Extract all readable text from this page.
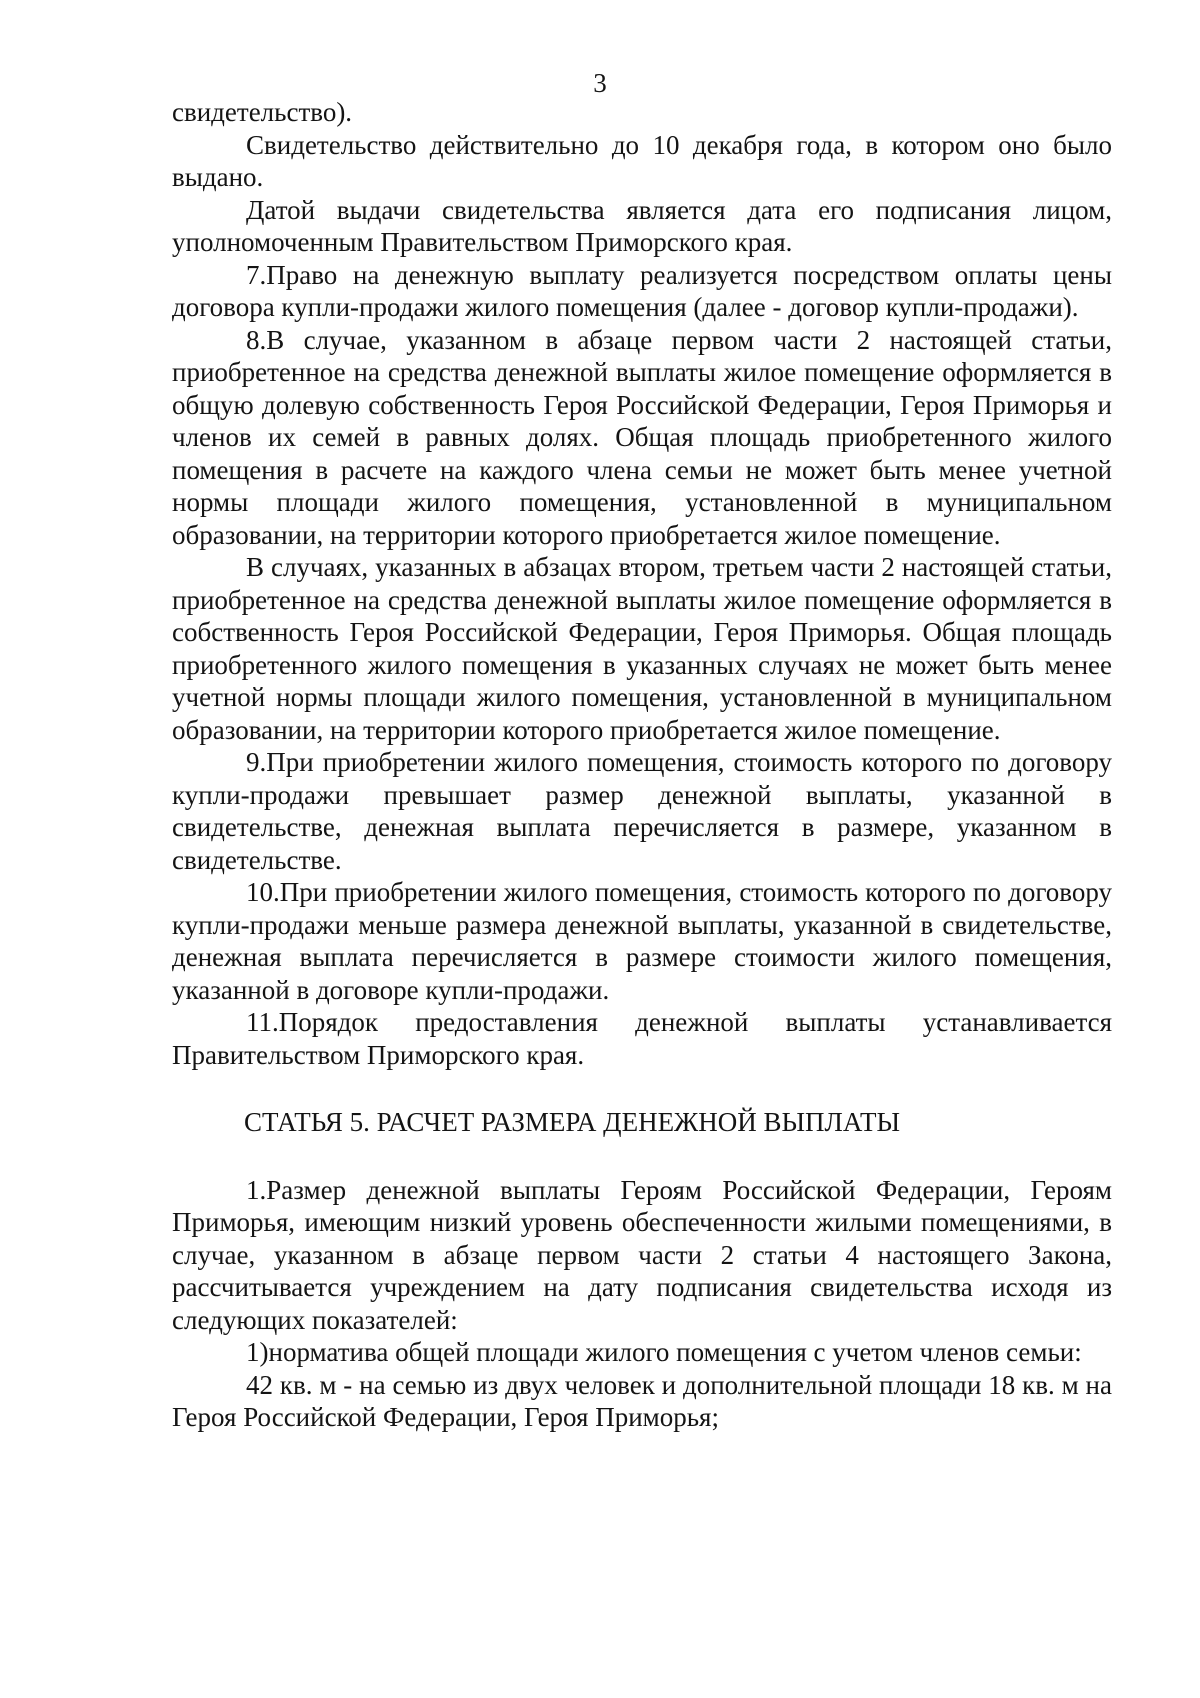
3

свидетельство).

Свидетельство действительно до 10 декабря года, в котором оно было выдано.

Датой выдачи свидетельства является дата его подписания лицом, уполномоченным Правительством Приморского края.

7.Право на денежную выплату реализуется посредством оплаты цены договора купли-продажи жилого помещения (далее - договор купли-продажи).

8.В случае, указанном в абзаце первом части 2 настоящей статьи, приобретенное на средства денежной выплаты жилое помещение оформляется в общую долевую собственность Героя Российской Федерации, Героя Приморья и членов их семей в равных долях. Общая площадь приобретенного жилого помещения в расчете на каждого члена семьи не может быть менее учетной нормы площади жилого помещения, установленной в муниципальном образовании, на территории которого приобретается жилое помещение.

В случаях, указанных в абзацах втором, третьем части 2 настоящей статьи, приобретенное на средства денежной выплаты жилое помещение оформляется в собственность Героя Российской Федерации, Героя Приморья. Общая площадь приобретенного жилого помещения в указанных случаях не может быть менее учетной нормы площади жилого помещения, установленной в муниципальном образовании, на территории которого приобретается жилое помещение.

9.При приобретении жилого помещения, стоимость которого по договору купли-продажи превышает размер денежной выплаты, указанной в свидетельстве, денежная выплата перечисляется в размере, указанном в свидетельстве.

10.При приобретении жилого помещения, стоимость которого по договору купли-продажи меньше размера денежной выплаты, указанной в свидетельстве, денежная выплата перечисляется в размере стоимости жилого помещения, указанной в договоре купли-продажи.

11.Порядок предоставления денежной выплаты устанавливается Правительством Приморского края.

СТАТЬЯ 5. РАСЧЕТ РАЗМЕРА ДЕНЕЖНОЙ ВЫПЛАТЫ

1.Размер денежной выплаты Героям Российской Федерации, Героям Приморья, имеющим низкий уровень обеспеченности жилыми помещениями, в случае, указанном в абзаце первом части 2 статьи 4 настоящего Закона, рассчитывается учреждением на дату подписания свидетельства исходя из следующих показателей:

1)норматива общей площади жилого помещения с учетом членов семьи:

42 кв. м - на семью из двух человек и дополнительной площади 18 кв. м на Героя Российской Федерации, Героя Приморья;
